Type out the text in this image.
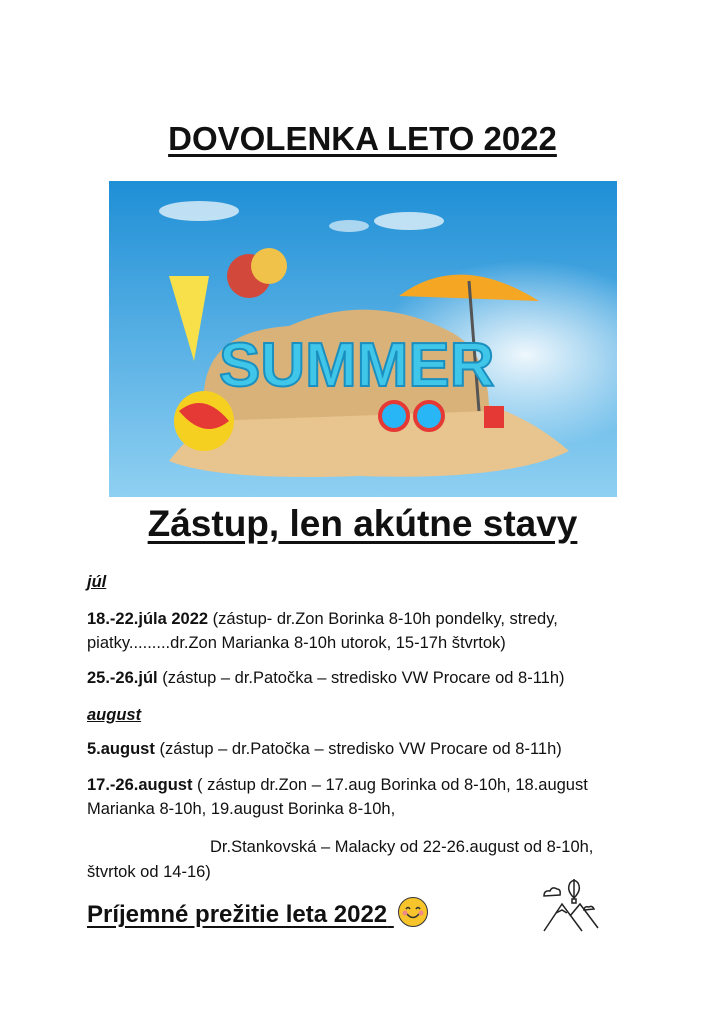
DOVOLENKA LETO 2022
SUMMER
Zástup, len akútne stavy
júl
18.-22.júla 2022 (zástup- dr.Zon Borinka 8-10h pondelky, stredy, piatky.........dr.Zon Marianka 8-10h utorok, 15-17h štvrtok)
25.-26.júl (zástup – dr.Patočka – stredisko VW Procare od 8-11h)
august
5.august (zástup – dr.Patočka – stredisko VW Procare od 8-11h)
17.-26.august ( zástup dr.Zon – 17.aug Borinka od 8-10h, 18.august Marianka 8-10h, 19.august Borinka 8-10h,
Dr.Stankovská – Malacky od 22-26.august od 8-10h,
štvrtok od 14-16)
Príjemné prežitie leta 2022
